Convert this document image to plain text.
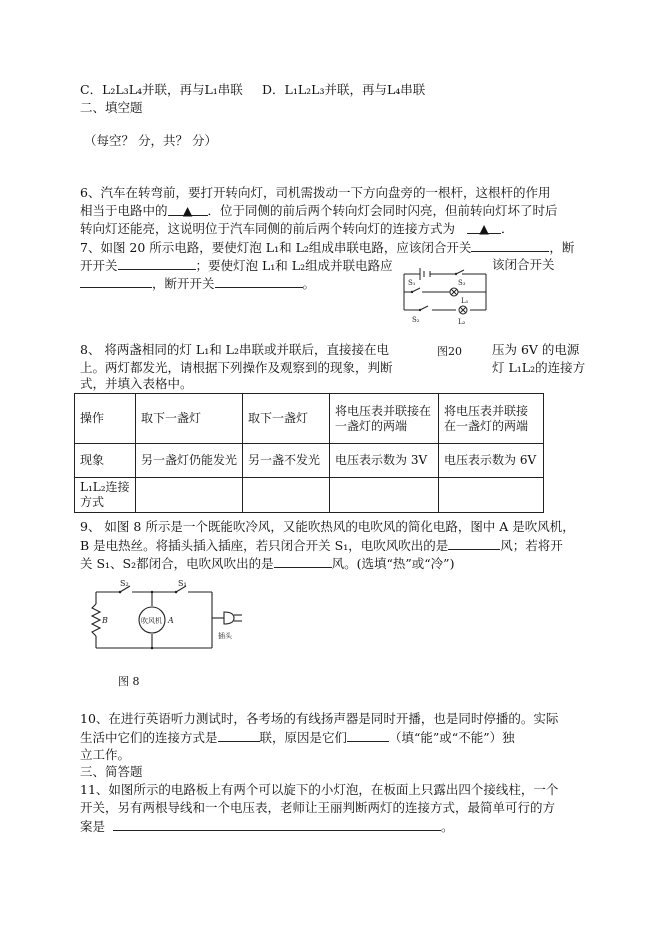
C．L₂L₃L₄并联，再与L₁串联 D．L₁L₂L₃并联，再与L₄串联
二、填空题
（每空？ 分，共？ 分）
6、汽车在转弯前，要打开转向灯，司机需拨动一下方向盘旁的一根杆，这根杆的作用
相当于电路中的 ▲ ．位于同侧的前后两个转向灯会同时闪亮，但前转向灯坏了时后
转向灯还能亮，这说明位于汽车同侧的前后两个转向灯的连接方式为 ▲ ．
7、如图 20 所示电路，要使灯泡 L₁和 L₂组成串联电路，应该闭合开关	，断
开开关	；要使灯泡 L₁和 L₂组成并联电路应	该闭合开关
，断开开关	。	S₁	S₃
S₂
L₁
L₂
图20
8、 将两盏相同的灯 L₁和 L₂串联或并联后，直接接在电	压为 6V 的电源
上。两灯都发光，请根据下列操作及观察到的现象，判断	灯 L₁L₂的连接方
式，并填入表格中。
操作	取下一盏灯	取下一盏灯	将电压表并联接在一盏灯的两端	将电压表并联接在一盏灯的两端
现象	另一盏灯仍能发光	另一盏不发光	电压表示数为 3V	电压表示数为 6V
L₁L₂连接方式				
9、 如图 8 所示是一个既能吹冷风，又能吹热风的电吹风的简化电路，图中 A 是吹风机，
B 是电热丝。将插头插入插座，若只闭合开关 S₁，电吹风吹出的是	风；若将开
关 S₁、S₂都闭合，电吹风吹出的是	风。(选填“热”或“冷”)
S₂	S₁
B	A
吹风机
插头
图 8
10、在进行英语听力测试时，各考场的有线扬声器是同时开播，也是同时停播的。实际
生活中它们的连接方式是	联，原因是它们	（填“能”或“不能”）独
立工作。
三、简答题
11、如图所示的电路板上有两个可以旋下的小灯泡，在板面上只露出四个接线柱，一个
开关，另有两根导线和一个电压表，老师让王丽判断两灯的连接方式，最简单可行的方
案是	。
